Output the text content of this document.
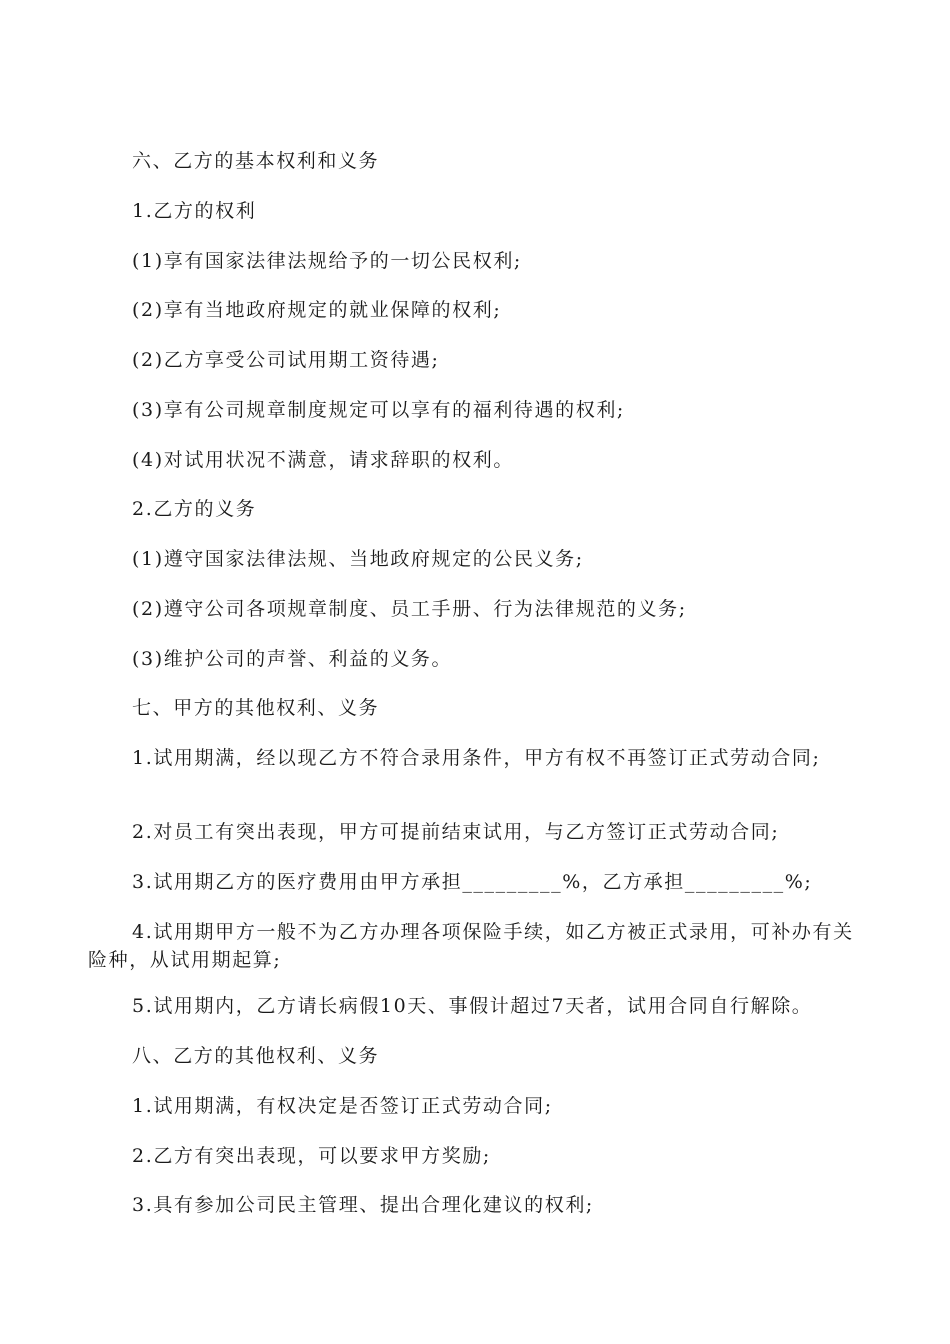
六、乙方的基本权利和义务
1.乙方的权利
(1)享有国家法律法规给予的一切公民权利;
(2)享有当地政府规定的就业保障的权利;
(2)乙方享受公司试用期工资待遇;
(3)享有公司规章制度规定可以享有的福利待遇的权利;
(4)对试用状况不满意，请求辞职的权利。
2.乙方的义务
(1)遵守国家法律法规、当地政府规定的公民义务;
(2)遵守公司各项规章制度、员工手册、行为法律规范的义务;
(3)维护公司的声誉、利益的义务。
七、甲方的其他权利、义务
1.试用期满，经以现乙方不符合录用条件，甲方有权不再签订正式劳动合同;
2.对员工有突出表现，甲方可提前结束试用，与乙方签订正式劳动合同;
3.试用期乙方的医疗费用由甲方承担_________%，乙方承担_________%;
4.试用期甲方一般不为乙方办理各项保险手续，如乙方被正式录用，可补办有关险种，从试用期起算;
5.试用期内，乙方请长病假10天、事假计超过7天者，试用合同自行解除。
八、乙方的其他权利、义务
1.试用期满，有权决定是否签订正式劳动合同;
2.乙方有突出表现，可以要求甲方奖励;
3.具有参加公司民主管理、提出合理化建议的权利;
